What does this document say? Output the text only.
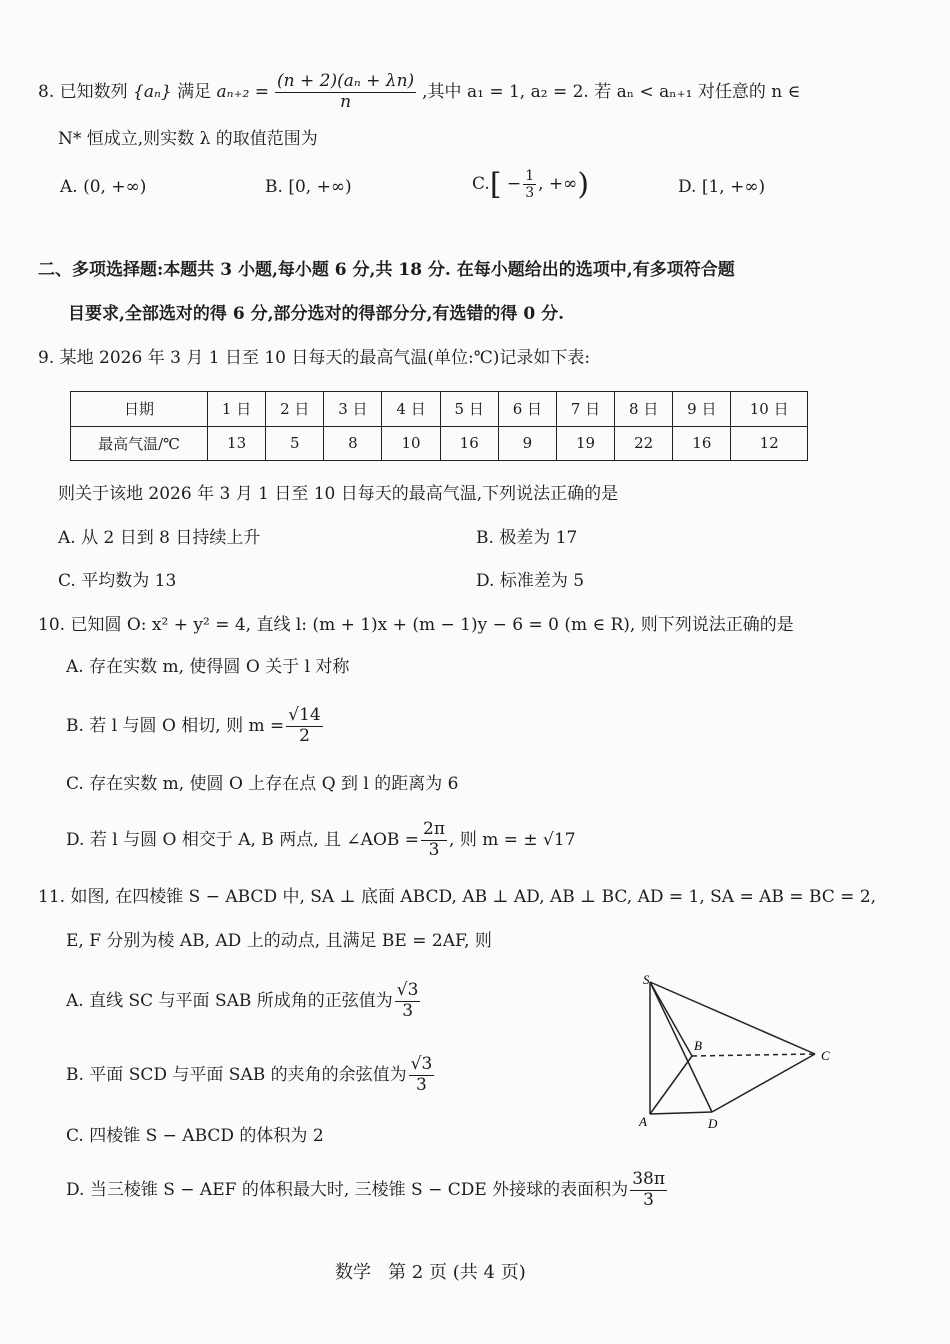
8.
已知数列
{aₙ}
满足
$a_{n+2} = \frac{\text{(n + 2)(aₙ + λn)}}{n}$ ,其中 a₁ = 1, a₂ = 2. 若 aₙ < aₙ₊₁ 对任意的 n ∈
N* 恒成立,则实数 λ 的取值范围为
A. (0, +∞)	B. [0, +∞)	C. [ − $\frac{1}{3}$ , +∞ )	D. [1, +∞)
二、多项选择题:本题共 3 小题,每小题 6 分,共 18 分. 在每小题给出的选项中,有多项符合题
目要求,全部选对的得 6 分,部分选对的得部分分,有选错的得 0 分.
9. 某地 2026 年 3 月 1 日至 10 日每天的最高气温(单位:℃)记录如下表:
日期	1 日	2 日	3 日	4 日	5 日	6 日	7 日	8 日	9 日	10 日
最高气温/℃	13	5	8	10	16	9	19	22	16	12
则关于该地 2026 年 3 月 1 日至 10 日每天的最高气温,下列说法正确的是
A. 从 2 日到 8 日持续上升	B. 极差为 17
C. 平均数为 13	D. 标准差为 5
10. 已知圆 O: x² + y² = 4, 直线 l: (m + 1)x + (m − 1)y − 6 = 0 (m ∈ R), 则下列说法正确的是
A. 存在实数 m, 使得圆 O 关于 l 对称
B. 若 l 与圆 O 相切, 则 $m = \frac{√14}{2}$
C. 存在实数 m, 使圆 O 上存在点 Q 到 l 的距离为 6
D. 若 l 与圆 O 相交于 A, B 两点, 且 ∠AOB = $\frac{2\pi}{3}$ , 则 m = ± √17
11. 如图, 在四棱锥 S − ABCD 中, SA ⊥ 底面 ABCD, AB ⊥ AD, AB ⊥ BC, AD = 1, SA = AB = BC = 2,
E, F 分别为棱 AB, AD 上的动点, 且满足 BE = 2AF, 则
A. 直线 SC 与平面 SAB 所成角的正弦值为 $\frac{√3}{3}$
B. 平面 SCD 与平面 SAB 的夹角的余弦值为 $\frac{√3}{3}$
C. 四棱锥 S − ABCD 的体积为 2
D. 当三棱锥 S − AEF 的体积最大时, 三棱锥 S − CDE 外接球的表面积为 $\frac{38\pi}{3}$
S
B
C
A	D
数学   第 2 页 (共 4 页)
